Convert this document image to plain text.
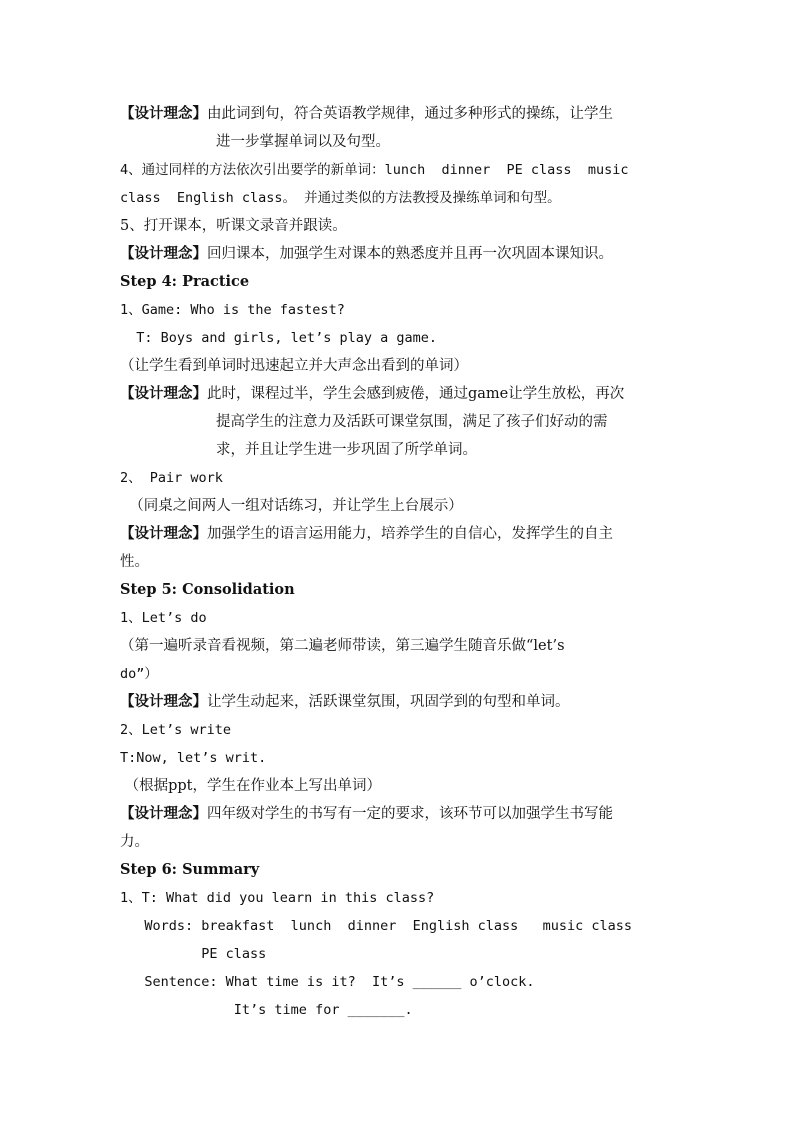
【设计理念】由此词到句，符合英语教学规律，通过多种形式的操练，让学生

进一步掌握单词以及句型。

4、通过同样的方法依次引出要学的新单词：lunch  dinner  PE class  music

class  English class。 并通过类似的方法教授及操练单词和句型。

5、打开课本，听课文录音并跟读。

【设计理念】回归课本，加强学生对课本的熟悉度并且再一次巩固本课知识。

Step 4: Practice

1、Game: Who is the fastest?

T: Boys and girls, let’s play a game.

（让学生看到单词时迅速起立并大声念出看到的单词）

【设计理念】此时，课程过半，学生会感到疲倦，通过game让学生放松，再次

提高学生的注意力及活跃可课堂氛围，满足了孩子们好动的需

求，并且让学生进一步巩固了所学单词。

2、 Pair work

（同桌之间两人一组对话练习，并让学生上台展示）

【设计理念】加强学生的语言运用能力，培养学生的自信心，发挥学生的自主

性。

Step 5: Consolidation

1、Let’s do

（第一遍听录音看视频，第二遍老师带读，第三遍学生随音乐做“let’s

do”）

【设计理念】让学生动起来，活跃课堂氛围，巩固学到的句型和单词。

2、Let’s write

T:Now, let’s writ.

（根据ppt，学生在作业本上写出单词）

【设计理念】四年级对学生的书写有一定的要求，该环节可以加强学生书写能

力。

Step 6: Summary

1、T: What did you learn in this class?

Words: breakfast  lunch  dinner  English class   music class

PE class

Sentence: What time is it?  It’s ______ o’clock.

It’s time for _______.
